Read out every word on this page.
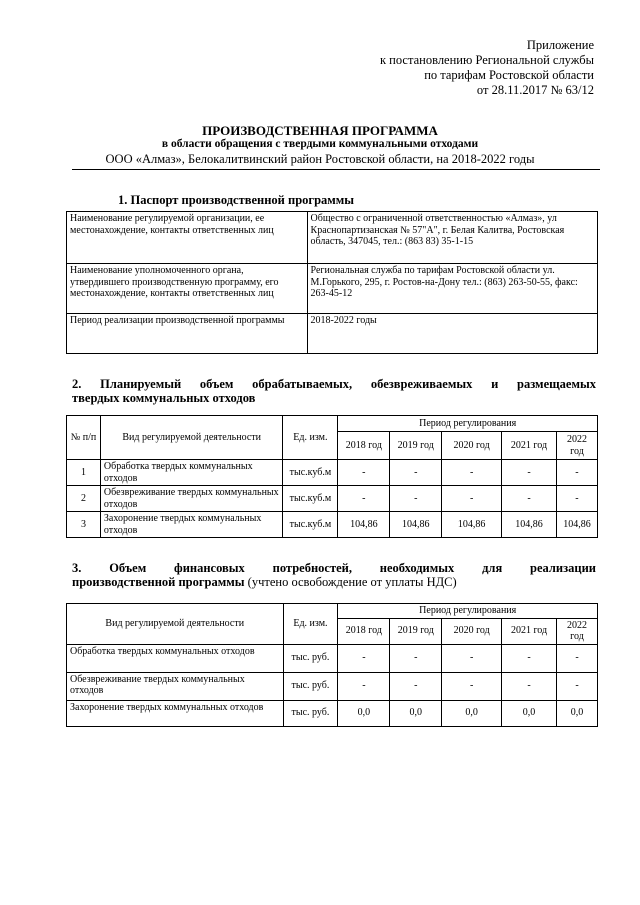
Приложение
к постановлению Региональной службы
по тарифам Ростовской области
от 28.11.2017 № 63/12
ПРОИЗВОДСТВЕННАЯ ПРОГРАММА
в области обращения с твердыми коммунальными отходами
ООО «Алмаз», Белокалитвинский район Ростовской области, на 2018-2022 годы
1. Паспорт производственной программы
Наименование регулируемой организации, ее местонахождение, контакты ответственных лиц	Общество с ограниченной ответственностью «Алмаз», ул Краснопартизанская № 57"А", г. Белая Калитва, Ростовская область, 347045, тел.: (863 83) 35-1-15
Наименование уполномоченного органа, утвердившего производственную программу, его местонахождение, контакты ответственных лиц	Региональная служба по тарифам Ростовской области ул. М.Горького, 295, г. Ростов-на-Дону тел.: (863) 263-50-55, факс: 263-45-12
Период реализации производственной программы	2018-2022 годы
2. Планируемый объем обрабатываемых, обезвреживаемых и размещаемых
твердых коммунальных отходов
№ п/п	Вид регулируемой деятельности	Ед. изм.	Период регулирования				
			2018 год	2019 год	2020 год	2021 год	2022 год
1	Обработка твердых коммунальных отходов	тыс.куб.м	-	-	-	-	-
2	Обезвреживание твердых коммунальных отходов	тыс.куб.м	-	-	-	-	-
3	Захоронение твердых коммунальных отходов	тыс.куб.м	104,86	104,86	104,86	104,86	104,86
3. Объем финансовых потребностей, необходимых для реализации
производственной программы (учтено освобождение от уплаты НДС)
Вид регулируемой деятельности	Ед. изм.	Период регулирования				
		2018 год	2019 год	2020 год	2021 год	2022 год
Обработка твердых коммунальных отходов	тыс. руб.	-	-	-	-	-
Обезвреживание твердых коммунальных отходов	тыс. руб.	-	-	-	-	-
Захоронение твердых коммунальных отходов	тыс. руб.	0,0	0,0	0,0	0,0	0,0
